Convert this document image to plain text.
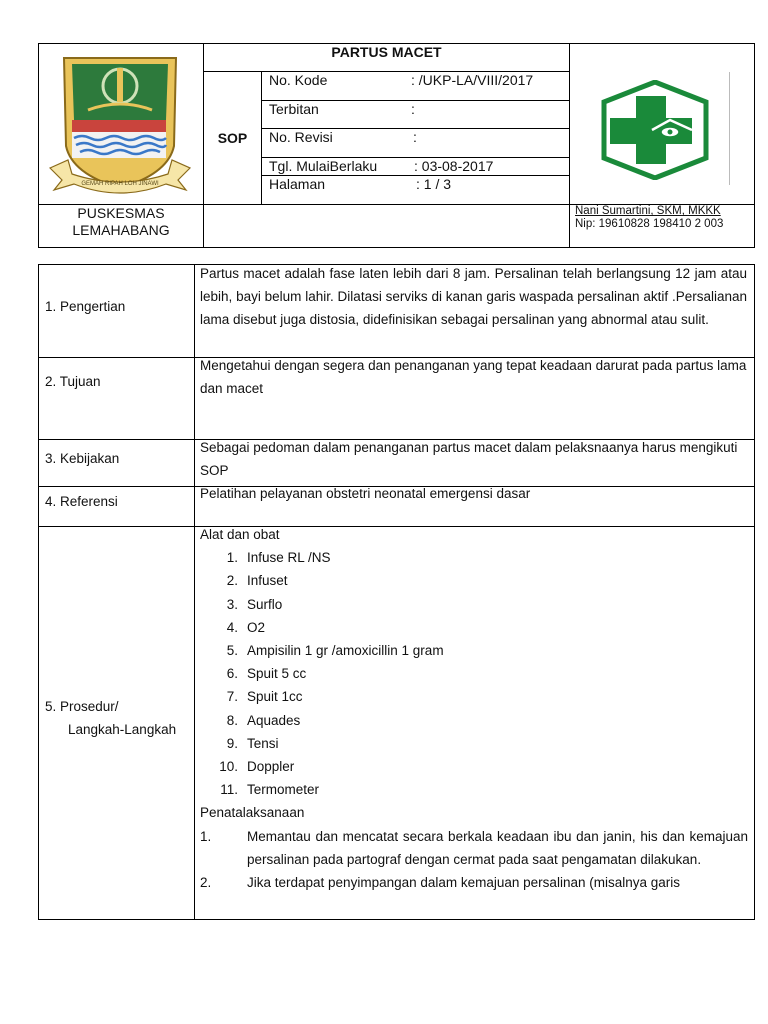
GEMAH RIPAH LOH JINAWI
PARTUS MACET
SOP
No. Kode	: /UKP-LA/VIII/2017
Terbitan	:
No. Revisi	:
Tgl. MulaiBerlaku	: 03-08-2017
Halaman	: 1 / 3
PUSKESMAS
LEMAHABANG
Nani Sumartini, SKM, MKKK
Nip: 19610828 198410 2 003
1. Pengertian
Partus macet adalah fase laten lebih dari 8 jam. Persalinan telah berlangsung 12 jam atau lebih, bayi belum lahir. Dilatasi serviks di kanan garis waspada persalinan aktif .Persalianan lama disebut juga distosia, didefinisikan sebagai persalinan yang abnormal atau sulit.
2. Tujuan
Mengetahui dengan segera dan penanganan yang tepat keadaan darurat pada partus lama dan macet
3. Kebijakan
Sebagai pedoman dalam penanganan partus macet dalam pelaksnaanya harus mengikuti SOP
4. Referensi
Pelatihan pelayanan obstetri neonatal emergensi dasar
5. Prosedur/
Langkah-Langkah
Alat dan obat
1. Infuse RL /NS
2. Infuset
3. Surflo
4. O2
5. Ampisilin 1 gr /amoxicillin 1 gram
6. Spuit 5 cc
7. Spuit 1cc
8. Aquades
9. Tensi
10. Doppler
11. Termometer
Penatalaksanaan
1.	Memantau dan mencatat secara berkala keadaan ibu dan janin, his dan kemajuan persalinan pada partograf dengan cermat pada saat pengamatan dilakukan.
2.	Jika terdapat penyimpangan dalam kemajuan persalinan (misalnya garis
